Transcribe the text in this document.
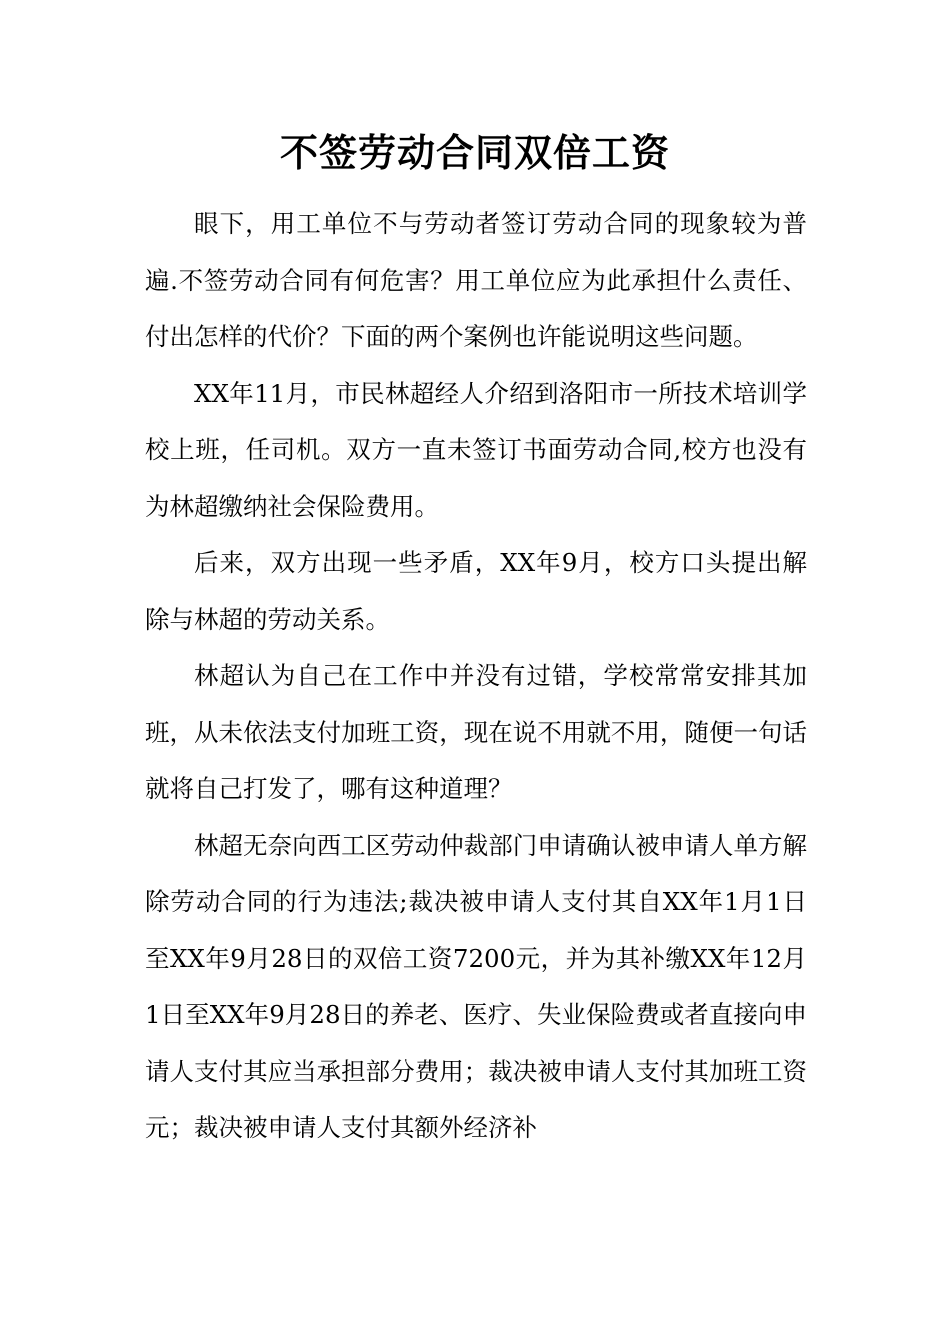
不签劳动合同双倍工资

眼下，用工单位不与劳动者签订劳动合同的现象较为普遍.不签劳动合同有何危害？用工单位应为此承担什么责任、付出怎样的代价？下面的两个案例也许能说明这些问题。

XX年11月，市民林超经人介绍到洛阳市一所技术培训学校上班，任司机。双方一直未签订书面劳动合同,校方也没有为林超缴纳社会保险费用。

后来，双方出现一些矛盾，XX年9月，校方口头提出解除与林超的劳动关系。

林超认为自己在工作中并没有过错，学校常常安排其加班，从未依法支付加班工资，现在说不用就不用，随便一句话就将自己打发了，哪有这种道理？

林超无奈向西工区劳动仲裁部门申请确认被申请人单方解除劳动合同的行为违法;裁决被申请人支付其自XX年1月1日至XX年9月28日的双倍工资7200元，并为其补缴XX年12月1日至XX年9月28日的养老、医疗、失业保险费或者直接向申请人支付其应当承担部分费用；裁决被申请人支付其加班工资元；裁决被申请人支付其额外经济补
